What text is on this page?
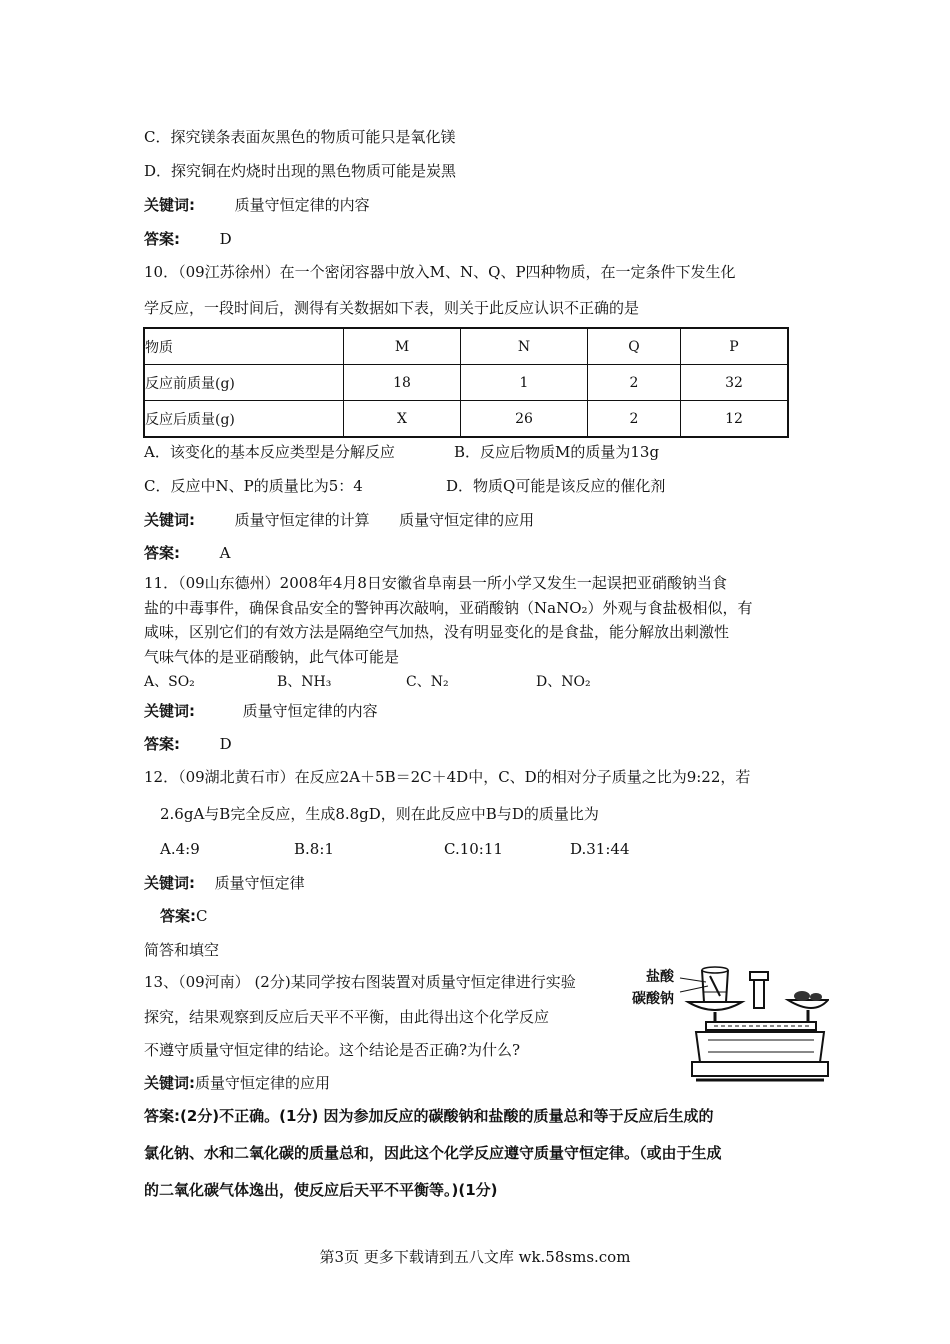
C．探究镁条表面灰黑色的物质可能只是氧化镁
D．探究铜在灼烧时出现的黑色物质可能是炭黑
关键词:	质量守恒定律的内容
答案:	D
10．（09江苏徐州）在一个密闭容器中放入M、N、Q、P四种物质，在一定条件下发生化
学反应，一段时间后，测得有关数据如下表，则关于此反应认识不正确的是
物质	M	N	Q	P
反应前质量(g)	18	1	2	32
反应后质量(g)	X	26	2	12
A．该变化的基本反应类型是分解反应	B．反应后物质M的质量为13g
C．反应中N、P的质量比为5：4	D．物质Q可能是该反应的催化剂
关键词:	质量守恒定律的计算 质量守恒定律的应用
答案:	A
11．（09山东德州）2008年4月8日安徽省阜南县一所小学又发生一起误把亚硝酸钠当食
盐的中毒事件，确保食品安全的警钟再次敲响，亚硝酸钠（NaNO₂）外观与食盐极相似，有
咸味，区别它们的有效方法是隔绝空气加热，没有明显变化的是食盐，能分解放出刺激性
气味气体的是亚硝酸钠，此气体可能是
A、SO₂	B、NH₃	C、N₂	D、NO₂
关键词:	质量守恒定律的内容
答案:	D
12．（09湖北黄石市）在反应2A＋5B＝2C＋4D中，C、D的相对分子质量之比为9:22，若
2.6gA与B完全反应，生成8.8gD，则在此反应中B与D的质量比为
A.4:9	B.8:1	C.10:11	D.31:44
关键词: 质量守恒定律
答案:C
简答和填空
13、（09河南） (2分)某同学按右图装置对质量守恒定律进行实验
探究，结果观察到反应后天平不平衡，由此得出这个化学反应
不遵守质量守恒定律的结论。这个结论是否正确?为什么?
盐酸
碳酸钠
关键词:质量守恒定律的应用
答案:(2分)不正确。(1分) 因为参加反应的碳酸钠和盐酸的质量总和等于反应后生成的
氯化钠、水和二氧化碳的质量总和，因此这个化学反应遵守质量守恒定律。（或由于生成
的二氧化碳气体逸出，使反应后天平不平衡等。)(1分)
第3页 更多下载请到五八文库 wk.58sms.com
